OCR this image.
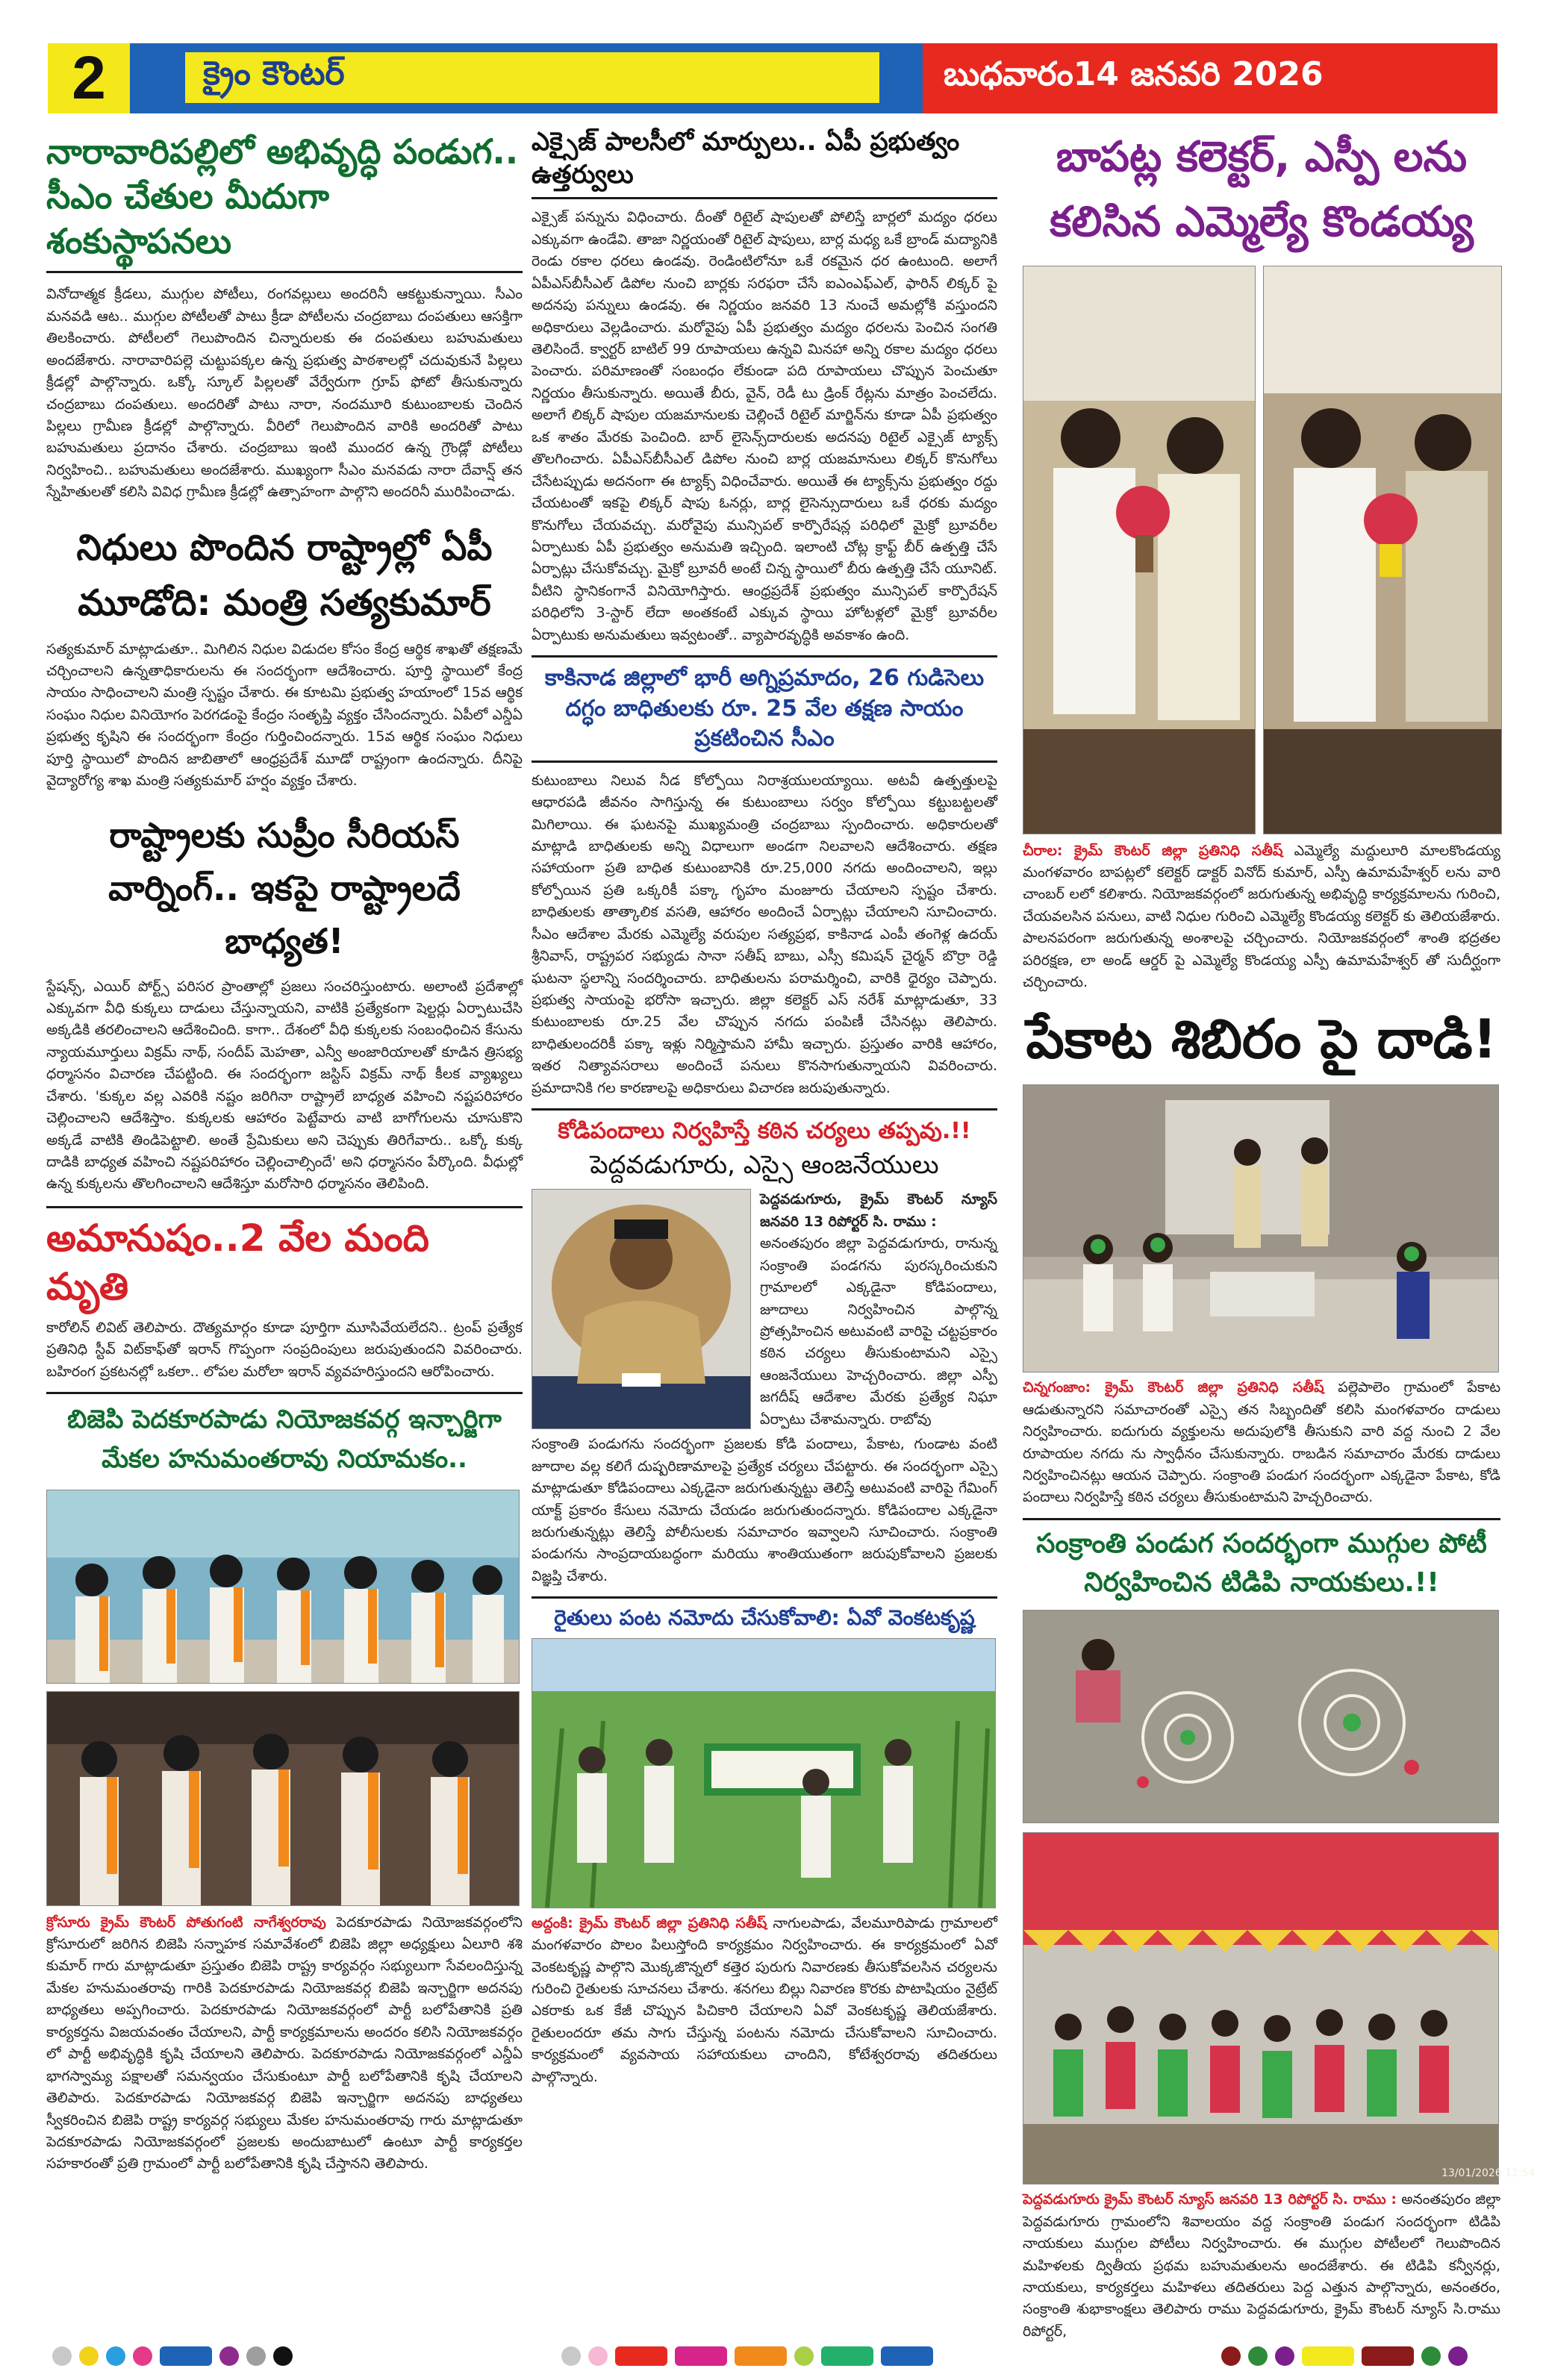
2	క్రైం కౌంటర్	బుధవారం14 జనవరి 2026
నారావారిపల్లిలో అభివృద్ధి పండుగ.. సీఎం చేతుల మీదుగా శంకుస్థాపనలు
వినోదాత్మక క్రీడలు, ముగ్గుల పోటీలు, రంగవల్లులు అందరినీ ఆకట్టుకున్నాయి. సీఎం మనవడి ఆట.. ముగ్గుల పోటీలతో పాటు క్రీడా పోటీలను చంద్రబాబు దంపతులు ఆసక్తిగా తిలకించారు. పోటీలలో గెలుపొందిన చిన్నారులకు ఈ దంపతులు బహుమతులు అందజేశారు. నారావారిపల్లె చుట్టుపక్కల ఉన్న ప్రభుత్వ పాఠశాలల్లో చదువుకునే పిల్లలు క్రీడల్లో పాల్గొన్నారు. ఒక్కో స్కూల్ పిల్లలతో వేర్వేరుగా గ్రూప్ ఫోటో తీసుకున్నారు చంద్రబాబు దంపతులు. అందరితో పాటు నారా, నందమూరి కుటుంబాలకు చెందిన పిల్లలు గ్రామీణ క్రీడల్లో పాల్గొన్నారు. వీరిలో గెలుపొందిన వారికి అందరితో పాటు బహుమతులు ప్రదానం చేశారు. చంద్రబాబు ఇంటి ముందర ఉన్న గ్రౌండ్లో పోటీలు నిర్వహించి.. బహుమతులు అందజేశారు. ముఖ్యంగా సీఎం మనవడు నారా దేవాన్ష్ తన స్నేహితులతో కలిసి వివిధ గ్రామీణ క్రీడల్లో ఉత్సాహంగా పాల్గొని అందరినీ మురిపించాడు.
నిధులు పొందిన రాష్ట్రాల్లో ఏపీ మూడోది: మంత్రి సత్యకుమార్
సత్యకుమార్ మాట్లాడుతూ.. మిగిలిన నిధుల విడుదల కోసం కేంద్ర ఆర్థిక శాఖతో తక్షణమే చర్చించాలని ఉన్నతాధికారులను ఈ సందర్భంగా ఆదేశించారు. పూర్తి స్థాయిలో కేంద్ర సాయం సాధించాలని మంత్రి స్పష్టం చేశారు. ఈ కూటమి ప్రభుత్వ హయాంలో 15వ ఆర్థిక సంఘం నిధుల వినియోగం పెరగడంపై కేంద్రం సంతృప్తి వ్యక్తం చేసిందన్నారు. ఏపీలో ఎన్డీఏ ప్రభుత్వ కృషిని ఈ సందర్భంగా కేంద్రం గుర్తించిందన్నారు. 15వ ఆర్థిక సంఘం నిధులు పూర్తి స్థాయిలో పొందిన జాబితాలో ఆంధ్రప్రదేశ్ మూడో రాష్ట్రంగా ఉందన్నారు. దీనిపై వైద్యారోగ్య శాఖ మంత్రి సత్యకుమార్ హర్షం వ్యక్తం చేశారు.
రాష్ట్రాలకు సుప్రీం సీరియస్ వార్నింగ్.. ఇకపై రాష్ట్రాలదే బాధ్యత!
స్టేషన్స్, ఎయిర్ పోర్ట్స్ పరిసర ప్రాంతాల్లో ప్రజలు సంచరిస్తుంటారు. అలాంటి ప్రదేశాల్లో ఎక్కువగా వీధి కుక్కలు దాడులు చేస్తున్నాయని, వాటికి ప్రత్యేకంగా షెల్టర్లు ఏర్పాటుచేసి అక్కడికి తరలించాలని ఆదేశించింది. కాగా.. దేశంలో వీధి కుక్కలకు సంబంధించిన కేసును న్యాయమూర్తులు విక్రమ్ నాథ్, సందీప్ మెహతా, ఎన్వీ అంజారియాలతో కూడిన త్రిసభ్య ధర్మాసనం విచారణ చేపట్టింది. ఈ సందర్భంగా జస్టిస్ విక్రమ్ నాథ్ కీలక వ్యాఖ్యలు చేశారు. 'కుక్కల వల్ల ఎవరికి నష్టం జరిగినా రాష్ట్రాలే బాధ్యత వహించి నష్టపరిహారం చెల్లించాలని ఆదేశిస్తాం. కుక్కలకు ఆహారం పెట్టేవారు వాటి బాగోగులను చూసుకొని అక్కడే వాటికి తిండిపెట్టాలి. అంతే ప్రేమికులు అని చెప్పుకు తిరిగేవారు.. ఒక్కో కుక్క దాడికి బాధ్యత వహించి నష్టపరిహారం చెల్లించాల్సిందే' అని ధర్మాసనం పేర్కొంది. వీధుల్లో ఉన్న కుక్కలను తొలగించాలని ఆదేశిస్తూ మరోసారి ధర్మాసనం తెలిపింది.
అమానుషం..2 వేల మంది మృతి
కారోలిన్ లివిట్ తెలిపారు. దౌత్యమార్గం కూడా పూర్తిగా మూసివేయలేదని.. ట్రంప్ ప్రత్యేక ప్రతినిధి స్టీవ్ విట్‌కాఫ్‌తో ఇరాన్ గొప్పంగా సంప్రదింపులు జరుపుతుందని వివరించారు. బహిరంగ ప్రకటనల్లో ఒకలా.. లోపల మరోలా ఇరాన్ వ్యవహరిస్తుందని ఆరోపించారు.
బిజెపి పెదకూరపాడు నియోజకవర్గ ఇన్చార్జిగా మేకల హనుమంతరావు నియామకం..
క్రోసూరు క్రైమ్ కౌంటర్ పోతుగంటి నాగేశ్వరరావు పెదకూరపాడు నియోజకవర్గంలోని క్రోసూరులో జరిగిన బిజెపి సన్నాహక సమావేశంలో బిజెపి జిల్లా అధ్యక్షులు ఏలూరి శశి కుమార్ గారు మాట్లాడుతూ ప్రస్తుతం బిజెపి రాష్ట్ర కార్యవర్గం సభ్యులుగా సేవలందిస్తున్న మేకల హనుమంతరావు గారికి పెదకూరపాడు నియోజకవర్గ బిజెపి ఇన్చార్జిగా అదనపు బాధ్యతలు అప్పగించారు. పెదకూరపాడు నియోజకవర్గంలో పార్టీ బలోపేతానికి ప్రతి కార్యకర్తను విజయవంతం చేయాలని, పార్టీ కార్యక్రమాలను అందరం కలిసి నియోజకవర్గం లో పార్టీ అభివృద్ధికి కృషి చేయాలని తెలిపారు. పెదకూరపాడు నియోజకవర్గంలో ఎన్డీఏ భాగస్వామ్య పక్షాలతో సమన్వయం చేసుకుంటూ పార్టీ బలోపేతానికి కృషి చేయాలని తెలిపారు. పెదకూరపాడు నియోజకవర్గ బిజెపి ఇన్చార్జిగా అదనపు బాధ్యతలు స్వీకరించిన బిజెపి రాష్ట్ర కార్యవర్గ సభ్యులు మేకల హనుమంతరావు గారు మాట్లాడుతూ పెదకూరపాడు నియోజకవర్గంలో ప్రజలకు అందుబాటులో ఉంటూ పార్టీ కార్యకర్తల సహకారంతో ప్రతి గ్రామంలో పార్టీ బలోపేతానికి కృషి చేస్తానని తెలిపారు.
ఎక్సైజ్ పాలసీలో మార్పులు.. ఏపీ ప్రభుత్వం ఉత్తర్వులు
ఎక్సైజ్ పన్నును విధించారు. దీంతో రిటైల్ షాపులతో పోలిస్తే బార్లలో మద్యం ధరలు ఎక్కువగా ఉండేవి. తాజా నిర్ణయంతో రిటైల్ షాపులు, బార్ల మధ్య ఒకే బ్రాండ్ మద్యానికి రెండు రకాల ధరలు ఉండవు. రెండింటిలోనూ ఒకే రకమైన ధర ఉంటుంది. అలాగే ఏపీఎస్‌బీసీఎల్ డిపోల నుంచి బార్లకు సరఫరా చేసే ఐఎంఎఫ్ఎల్, ఫారిన్ లిక్కర్ పై అదనపు పన్నులు ఉండవు. ఈ నిర్ణయం జనవరి 13 నుంచే అమల్లోకి వస్తుందని అధికారులు వెల్లడించారు. మరోవైపు ఏపీ ప్రభుత్వం మద్యం ధరలను పెంచిన సంగతి తెలిసిందే. క్వార్టర్ బాటిల్ 99 రూపాయలు ఉన్నవి మినహా అన్ని రకాల మద్యం ధరలు పెంచారు. పరిమాణంతో సంబంధం లేకుండా పది రూపాయలు చొప్పున పెంచుతూ నిర్ణయం తీసుకున్నారు. అయితే బీరు, వైన్, రెడీ టు డ్రింక్ రేట్లను మాత్రం పెంచలేదు. అలాగే లిక్కర్ షాపుల యజమానులకు చెల్లించే రిటైల్ మార్జిన్‌ను కూడా ఏపీ ప్రభుత్వం ఒక శాతం మేరకు పెంచింది. బార్ లైసెన్స్‌దారులకు అదనపు రిటైల్ ఎక్సైజ్ ట్యాక్స్ తొలగించారు. ఏపీఎస్‌బీసీఎల్ డిపోల నుంచి బార్ల యజమానులు లిక్కర్ కొనుగోలు చేసేటప్పుడు అదనంగా ఈ ట్యాక్స్ విధించేవారు. అయితే ఈ ట్యాక్స్‌ను ప్రభుత్వం రద్దు చేయటంతో ఇకపై లిక్కర్ షాపు ఓనర్లు, బార్ల లైసెన్సుదారులు ఒకే ధరకు మద్యం కొనుగోలు చేయవచ్చు. మరోవైపు మున్సిపల్ కార్పొరేషన్ల పరిధిలో మైక్రో బ్రూవరీల ఏర్పాటుకు ఏపీ ప్రభుత్వం అనుమతి ఇచ్చింది. ఇలాంటి చోట్ల క్రాఫ్ట్ బీర్ ఉత్పత్తి చేసే ఏర్పాట్లు చేసుకోవచ్చు. మైక్రో బ్రూవరీ అంటే చిన్న స్థాయిలో బీరు ఉత్పత్తి చేసే యూనిట్. వీటిని స్థానికంగానే వినియోగిస్తారు. ఆంధ్రప్రదేశ్ ప్రభుత్వం మున్సిపల్ కార్పొరేషన్ పరిధిలోని 3-స్టార్ లేదా అంతకంటే ఎక్కువ స్థాయి హోటళ్లలో మైక్రో బ్రూవరీల ఏర్పాటుకు అనుమతులు ఇవ్వటంతో.. వ్యాపారవృద్ధికి అవకాశం ఉంది.
కాకినాడ జిల్లాలో భారీ అగ్నిప్రమాదం, 26 గుడిసెలు దగ్ధం బాధితులకు రూ. 25 వేల తక్షణ సాయం ప్రకటించిన సీఎం
కుటుంబాలు నిలువ నీడ కోల్పోయి నిరాశ్రయులయ్యాయి. అటవీ ఉత్పత్తులపై ఆధారపడి జీవనం సాగిస్తున్న ఈ కుటుంబాలు సర్వం కోల్పోయి కట్టుబట్టలతో మిగిలాయి. ఈ ఘటనపై ముఖ్యమంత్రి చంద్రబాబు స్పందించారు. అధికారులతో మాట్లాడి బాధితులకు అన్ని విధాలుగా అండగా నిలవాలని ఆదేశించారు. తక్షణ సహాయంగా ప్రతి బాధిత కుటుంబానికి రూ.25,000 నగదు అందించాలని, ఇల్లు కోల్పోయిన ప్రతి ఒక్కరికీ పక్కా గృహం మంజూరు చేయాలని స్పష్టం చేశారు. బాధితులకు తాత్కాలిక వసతి, ఆహారం అందించే ఏర్పాట్లు చేయాలని సూచించారు. సీఎం ఆదేశాల మేరకు ఎమ్మెల్యే వరుపుల సత్యప్రభ, కాకినాడ ఎంపీ తంగెళ్ల ఉదయ్ శ్రీనివాస్, రాష్ట్రపర సభ్యుడు సానా సతీష్ బాబు, ఎస్సీ కమిషన్ చైర్మన్ బొర్రా రెడ్డి ఘటనా స్థలాన్ని సందర్శించారు. బాధితులను పరామర్శించి, వారికి ధైర్యం చెప్పారు. ప్రభుత్వ సాయంపై భరోసా ఇచ్చారు. జిల్లా కలెక్టర్ ఎస్ నరేశ్ మాట్లాడుతూ, 33 కుటుంబాలకు రూ.25 వేల చొప్పున నగదు పంపిణీ చేసినట్లు తెలిపారు. బాధితులందరికీ పక్కా ఇళ్లు నిర్మిస్తామని హామీ ఇచ్చారు. ప్రస్తుతం వారికి ఆహారం, ఇతర నిత్యావసరాలు అందించే పనులు కొనసాగుతున్నాయని వివరించారు. ప్రమాదానికి గల కారణాలపై అధికారులు విచారణ జరుపుతున్నారు.
కోడిపందాలు నిర్వహిస్తే కఠిన చర్యలు తప్పవు.!!
పెద్దవడుగూరు, ఎస్సై ఆంజనేయులు
పెద్దవడుగూరు, క్రైమ్ కౌంటర్ న్యూస్ జనవరి 13 రిపోర్టర్ సి. రాము :
అనంతపురం జిల్లా పెద్దవడుగూరు, రానున్న సంక్రాంతి పండగను పురస్కరించుకుని గ్రామాలలో ఎక్కడైనా కోడిపందాలు, జూదాలు నిర్వహించిన పాల్గొన్న ప్రోత్సహించిన అటువంటి వారిపై చట్టప్రకారం కఠిన చర్యలు తీసుకుంటామని ఎస్సై ఆంజనేయులు హెచ్చరించారు. జిల్లా ఎస్పీ జగదీష్ ఆదేశాల మేరకు ప్రత్యేక నిఘా ఏర్పాటు చేశామన్నారు. రాబోవు
సంక్రాంతి పండుగను సందర్భంగా ప్రజలకు కోడి పందాలు, పేకాట, గుండాట వంటి జూదాల వల్ల కలిగే దుష్పరిణామాలపై ప్రత్యేక చర్యలు చేపట్టారు. ఈ సందర్భంగా ఎస్సై మాట్లాడుతూ కోడిపందాలు ఎక్కడైనా జరుగుతున్నట్టు తెలిస్తే అటువంటి వారిపై గేమింగ్ యాక్ట్ ప్రకారం కేసులు నమోదు చేయడం జరుగుతుందన్నారు. కోడిపందాల ఎక్కడైనా జరుగుతున్నట్లు తెలిస్తే పోలీసులకు సమాచారం ఇవ్వాలని సూచించారు. సంక్రాంతి పండుగను సాంప్రదాయబద్ధంగా మరియు శాంతియుతంగా జరుపుకోవాలని ప్రజలకు విజ్ఞప్తి చేశారు.
రైతులు పంట నమోదు చేసుకోవాలి: ఏవో వెంకటకృష్ణ
అద్దంకి: క్రైమ్ కౌంటర్ జిల్లా ప్రతినిధి సతీష్ నాగులపాడు, వేలమూరిపాడు గ్రామాలలో మంగళవారం పొలం పిలుస్తోంది కార్యక్రమం నిర్వహించారు. ఈ కార్యక్రమంలో ఏవో వెంకటకృష్ణ పాల్గొని మొక్కజొన్నలో కత్తెర పురుగు నివారణకు తీసుకోవలసిన చర్యలను గురించి రైతులకు సూచనలు చేశారు. శనగలు బిల్లు నివారణ కొరకు పొటాషియం నైట్రేట్ ఎకరాకు ఒక కేజీ చొప్పున పిచికారి చేయాలని ఏవో వెంకటకృష్ణ తెలియజేశారు. రైతులందరూ తమ సాగు చేస్తున్న పంటను నమోదు చేసుకోవాలని సూచించారు. కార్యక్రమంలో వ్యవసాయ సహాయకులు చాందిని, కోటేశ్వరరావు తదితరులు పాల్గొన్నారు.
బాపట్ల కలెక్టర్, ఎస్పీ లను కలిసిన ఎమ్మెల్యే కొండయ్య
చీరాల: క్రైమ్ కౌంటర్ జిల్లా ప్రతినిధి సతీష్ ఎమ్మెల్యే మద్దులూరి మాలకొండయ్య మంగళవారం బాపట్లలో కలెక్టర్ డాక్టర్ వినోద్ కుమార్, ఎస్పీ ఉమామహేశ్వర్ లను వారి చాంబర్ లలో కలిశారు. నియోజకవర్గంలో జరుగుతున్న అభివృద్ధి కార్యక్రమాలను గురించి, చేయవలసిన పనులు, వాటి నిధుల గురించి ఎమ్మెల్యే కొండయ్య కలెక్టర్ కు తెలియజేశారు. పాలనపరంగా జరుగుతున్న అంశాలపై చర్చించారు. నియోజకవర్గంలో శాంతి భద్రతల పరిరక్షణ, లా అండ్ ఆర్డర్ పై ఎమ్మెల్యే కొండయ్య ఎస్పీ ఉమామహేశ్వర్ తో సుదీర్ఘంగా చర్చించారు.
పేకాట శిబిరం పై దాడి!
చిన్నగంజాం: క్రైమ్ కౌంటర్ జిల్లా ప్రతినిధి సతీష్ పల్లెపాలెం గ్రామంలో పేకాట ఆడుతున్నారని సమాచారంతో ఎస్సై తన సిబ్బందితో కలిసి మంగళవారం దాడులు నిర్వహించారు. ఐదుగురు వ్యక్తులను అదుపులోకి తీసుకుని వారి వద్ద నుంచి 2 వేల రూపాయల నగదు ను స్వాధీనం చేసుకున్నారు. రాబడిన సమాచారం మేరకు దాడులు నిర్వహించినట్లు ఆయన చెప్పారు. సంక్రాంతి పండుగ సందర్భంగా ఎక్కడైనా పేకాట, కోడి పందాలు నిర్వహిస్తే కఠిన చర్యలు తీసుకుంటామని హెచ్చరించారు.
సంక్రాంతి పండుగ సందర్భంగా ముగ్గుల పోటీ నిర్వహించిన టిడిపి నాయకులు.!!
13/01/2026 12:54
పెద్దవడుగూరు క్రైమ్ కౌంటర్ న్యూస్ జనవరి 13 రిపోర్టర్ సి. రాము : అనంతపురం జిల్లా పెద్దవడుగూరు గ్రామంలోని శివాలయం వద్ద సంక్రాంతి పండుగ సందర్భంగా టిడిపి నాయకులు ముగ్గుల పోటీలు నిర్వహించారు. ఈ ముగ్గుల పోటీలలో గెలుపొందిన మహిళలకు ద్వితీయ ప్రథమ బహుమతులను అందజేశారు. ఈ టిడిపి కన్వీనర్లు, నాయకులు, కార్యకర్తలు మహిళలు తదితరులు పెద్ద ఎత్తున పాల్గొన్నారు, అనంతరం, సంక్రాంతి శుభాకాంక్షలు తెలిపారు రాము పెద్దవడుగూరు, క్రైమ్ కౌంటర్ న్యూస్ సి.రాము రిపోర్టర్,
